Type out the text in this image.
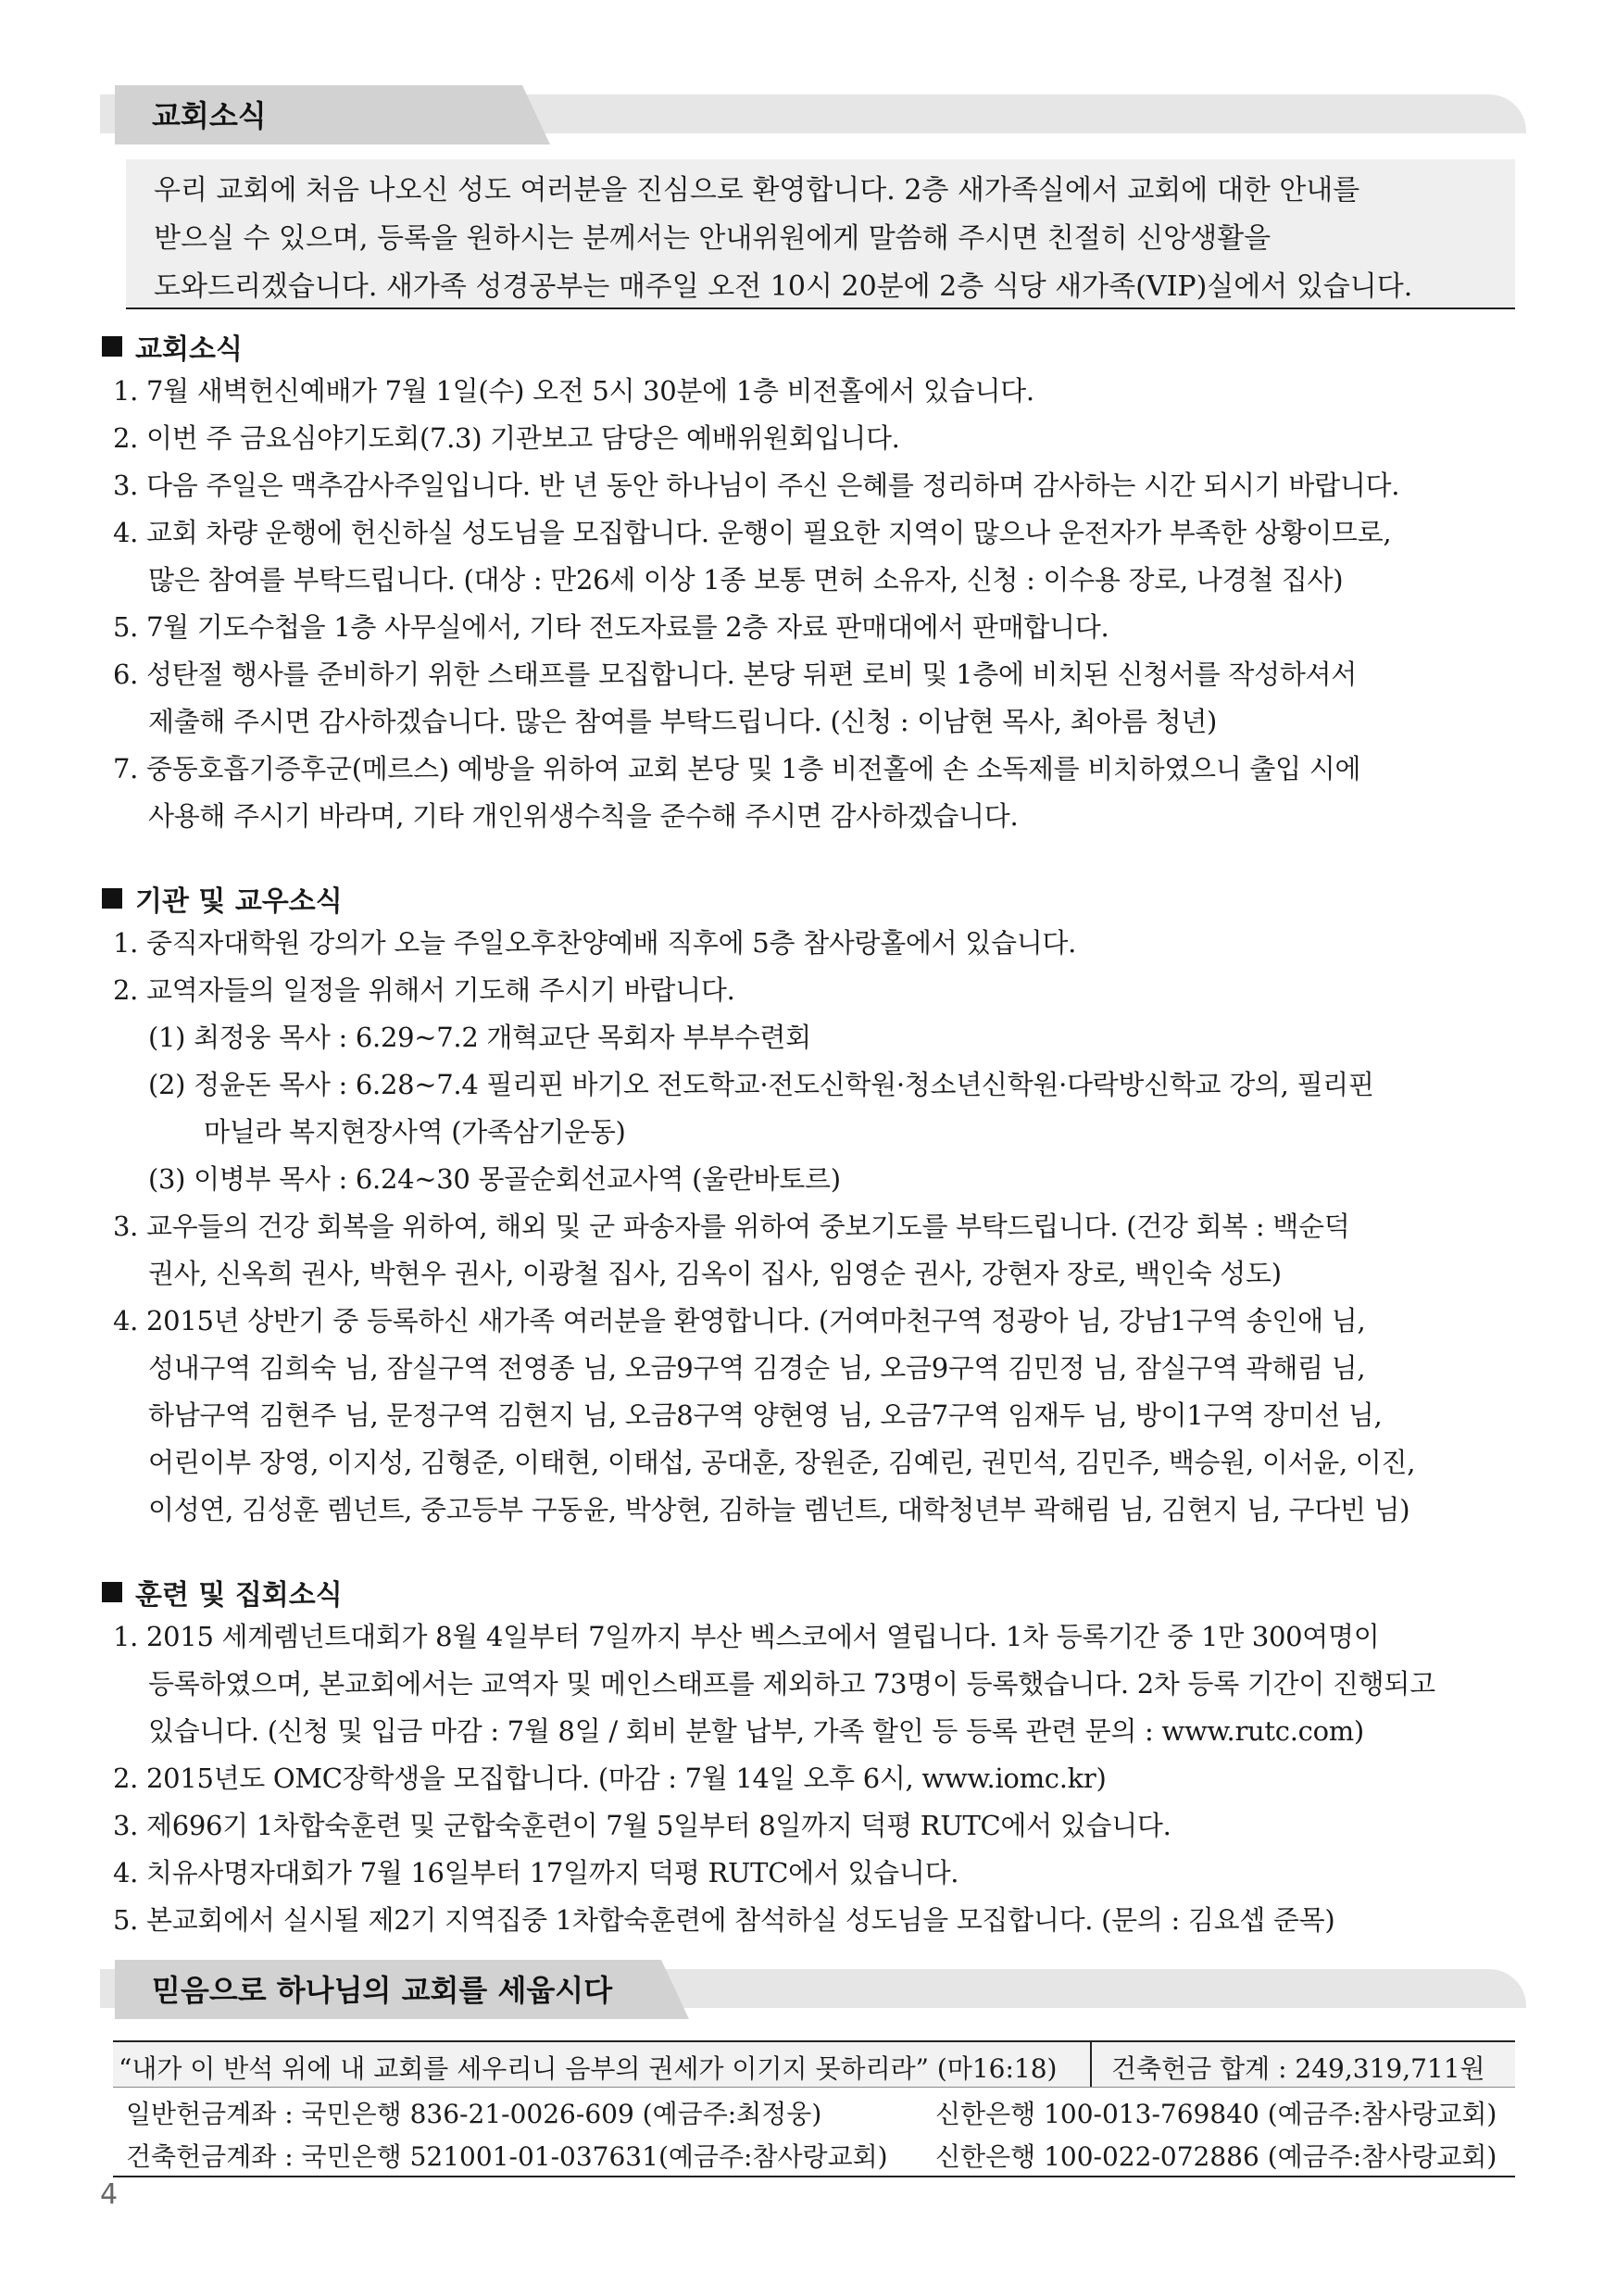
교회소식
우리 교회에 처음 나오신 성도 여러분을 진심으로 환영합니다. 2층 새가족실에서 교회에 대한 안내를
받으실 수 있으며, 등록을 원하시는 분께서는 안내위원에게 말씀해 주시면 친절히 신앙생활을
도와드리겠습니다. 새가족 성경공부는 매주일 오전 10시 20분에 2층 식당 새가족(VIP)실에서 있습니다.
교회소식
1. 7월 새벽헌신예배가 7월 1일(수) 오전 5시 30분에 1층 비전홀에서 있습니다.
2. 이번 주 금요심야기도회(7.3) 기관보고 담당은 예배위원회입니다.
3. 다음 주일은 맥추감사주일입니다. 반 년 동안 하나님이 주신 은혜를 정리하며 감사하는 시간 되시기 바랍니다.
4. 교회 차량 운행에 헌신하실 성도님을 모집합니다. 운행이 필요한 지역이 많으나 운전자가 부족한 상황이므로,
많은 참여를 부탁드립니다. (대상 : 만26세 이상 1종 보통 면허 소유자, 신청 : 이수용 장로, 나경철 집사)
5. 7월 기도수첩을 1층 사무실에서, 기타 전도자료를 2층 자료 판매대에서 판매합니다.
6. 성탄절 행사를 준비하기 위한 스태프를 모집합니다. 본당 뒤편 로비 및 1층에 비치된 신청서를 작성하셔서
제출해 주시면 감사하겠습니다. 많은 참여를 부탁드립니다. (신청 : 이남현 목사, 최아름 청년)
7. 중동호흡기증후군(메르스) 예방을 위하여 교회 본당 및 1층 비전홀에 손 소독제를 비치하였으니 출입 시에
사용해 주시기 바라며, 기타 개인위생수칙을 준수해 주시면 감사하겠습니다.
기관 및 교우소식
1. 중직자대학원 강의가 오늘 주일오후찬양예배 직후에 5층 참사랑홀에서 있습니다.
2. 교역자들의 일정을 위해서 기도해 주시기 바랍니다.
(1) 최정웅 목사 : 6.29~7.2 개혁교단 목회자 부부수련회
(2) 정윤돈 목사 : 6.28~7.4 필리핀 바기오 전도학교·전도신학원·청소년신학원·다락방신학교 강의, 필리핀
마닐라 복지현장사역 (가족삼기운동)
(3) 이병부 목사 : 6.24~30 몽골순회선교사역 (울란바토르)
3. 교우들의 건강 회복을 위하여, 해외 및 군 파송자를 위하여 중보기도를 부탁드립니다. (건강 회복 : 백순덕
권사, 신옥희 권사, 박현우 권사, 이광철 집사, 김옥이 집사, 임영순 권사, 강현자 장로, 백인숙 성도)
4. 2015년 상반기 중 등록하신 새가족 여러분을 환영합니다. (거여마천구역 정광아 님, 강남1구역 송인애 님,
성내구역 김희숙 님, 잠실구역 전영종 님, 오금9구역 김경순 님, 오금9구역 김민정 님, 잠실구역 곽해림 님,
하남구역 김현주 님, 문정구역 김현지 님, 오금8구역 양현영 님, 오금7구역 임재두 님, 방이1구역 장미선 님,
어린이부 장영, 이지성, 김형준, 이태현, 이태섭, 공대훈, 장원준, 김예린, 권민석, 김민주, 백승원, 이서윤, 이진,
이성연, 김성훈 렘넌트, 중고등부 구동윤, 박상현, 김하늘 렘넌트, 대학청년부 곽해림 님, 김현지 님, 구다빈 님)
훈련 및 집회소식
1. 2015 세계렘넌트대회가 8월 4일부터 7일까지 부산 벡스코에서 열립니다. 1차 등록기간 중 1만 300여명이
등록하였으며, 본교회에서는 교역자 및 메인스태프를 제외하고 73명이 등록했습니다. 2차 등록 기간이 진행되고
있습니다. (신청 및 입금 마감 : 7월 8일 / 회비 분할 납부, 가족 할인 등 등록 관련 문의 : www.rutc.com)
2. 2015년도 OMC장학생을 모집합니다. (마감 : 7월 14일 오후 6시, www.iomc.kr)
3. 제696기 1차합숙훈련 및 군합숙훈련이 7월 5일부터 8일까지 덕평 RUTC에서 있습니다.
4. 치유사명자대회가 7월 16일부터 17일까지 덕평 RUTC에서 있습니다.
5. 본교회에서 실시될 제2기 지역집중 1차합숙훈련에 참석하실 성도님을 모집합니다. (문의 : 김요셉 준목)
믿음으로 하나님의 교회를 세웁시다
“내가 이 반석 위에 내 교회를 세우리니 음부의 권세가 이기지 못하리라” (마16:18) 건축헌금 합계 : 249,319,711원
일반헌금계좌 : 국민은행 836-21-0026-609 (예금주:최정웅)	신한은행 100-013-769840 (예금주:참사랑교회)
건축헌금계좌 : 국민은행 521001-01-037631(예금주:참사랑교회) 신한은행 100-022-072886 (예금주:참사랑교회)
4
